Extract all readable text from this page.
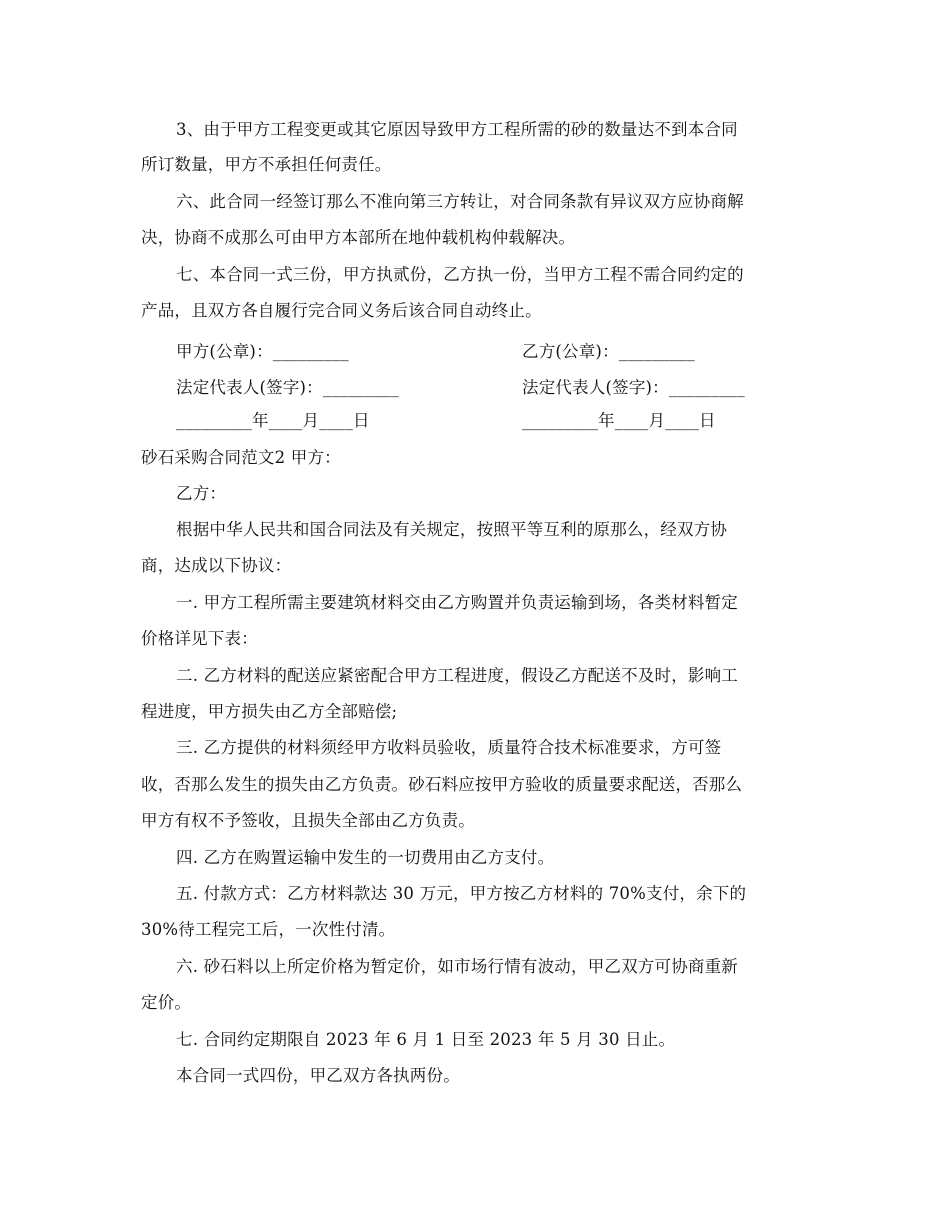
3、由于甲方工程变更或其它原因导致甲方工程所需的砂的数量达不到本合同
所订数量，甲方不承担任何责任。
六、此合同一经签订那么不准向第三方转让，对合同条款有异议双方应协商解
决，协商不成那么可由甲方本部所在地仲载机构仲载解决。
七、本合同一式三份，甲方执贰份，乙方执一份，当甲方工程不需合同约定的
产品，且双方各自履行完合同义务后该合同自动终止。
甲方(公章)：_________	乙方(公章)：_________
法定代表人(签字)：_________	法定代表人(签字)：_________
_________年____月____日	_________年____月____日
砂石采购合同范文2 甲方：
乙方：
根据中华人民共和国合同法及有关规定，按照平等互利的原那么，经双方协
商，达成以下协议：
一. 甲方工程所需主要建筑材料交由乙方购置并负责运输到场，各类材料暂定
价格详见下表：
二. 乙方材料的配送应紧密配合甲方工程进度，假设乙方配送不及时，影响工
程进度，甲方损失由乙方全部赔偿;
三. 乙方提供的材料须经甲方收料员验收，质量符合技术标准要求，方可签
收，否那么发生的损失由乙方负责。砂石料应按甲方验收的质量要求配送，否那么
甲方有权不予签收，且损失全部由乙方负责。
四. 乙方在购置运输中发生的一切费用由乙方支付。
五. 付款方式：乙方材料款达 30 万元，甲方按乙方材料的 70%支付，余下的
30%待工程完工后，一次性付清。
六. 砂石料以上所定价格为暂定价，如市场行情有波动，甲乙双方可协商重新
定价。
七. 合同约定期限自 2023 年 6 月 1 日至 2023 年 5 月 30 日止。
本合同一式四份，甲乙双方各执两份。
